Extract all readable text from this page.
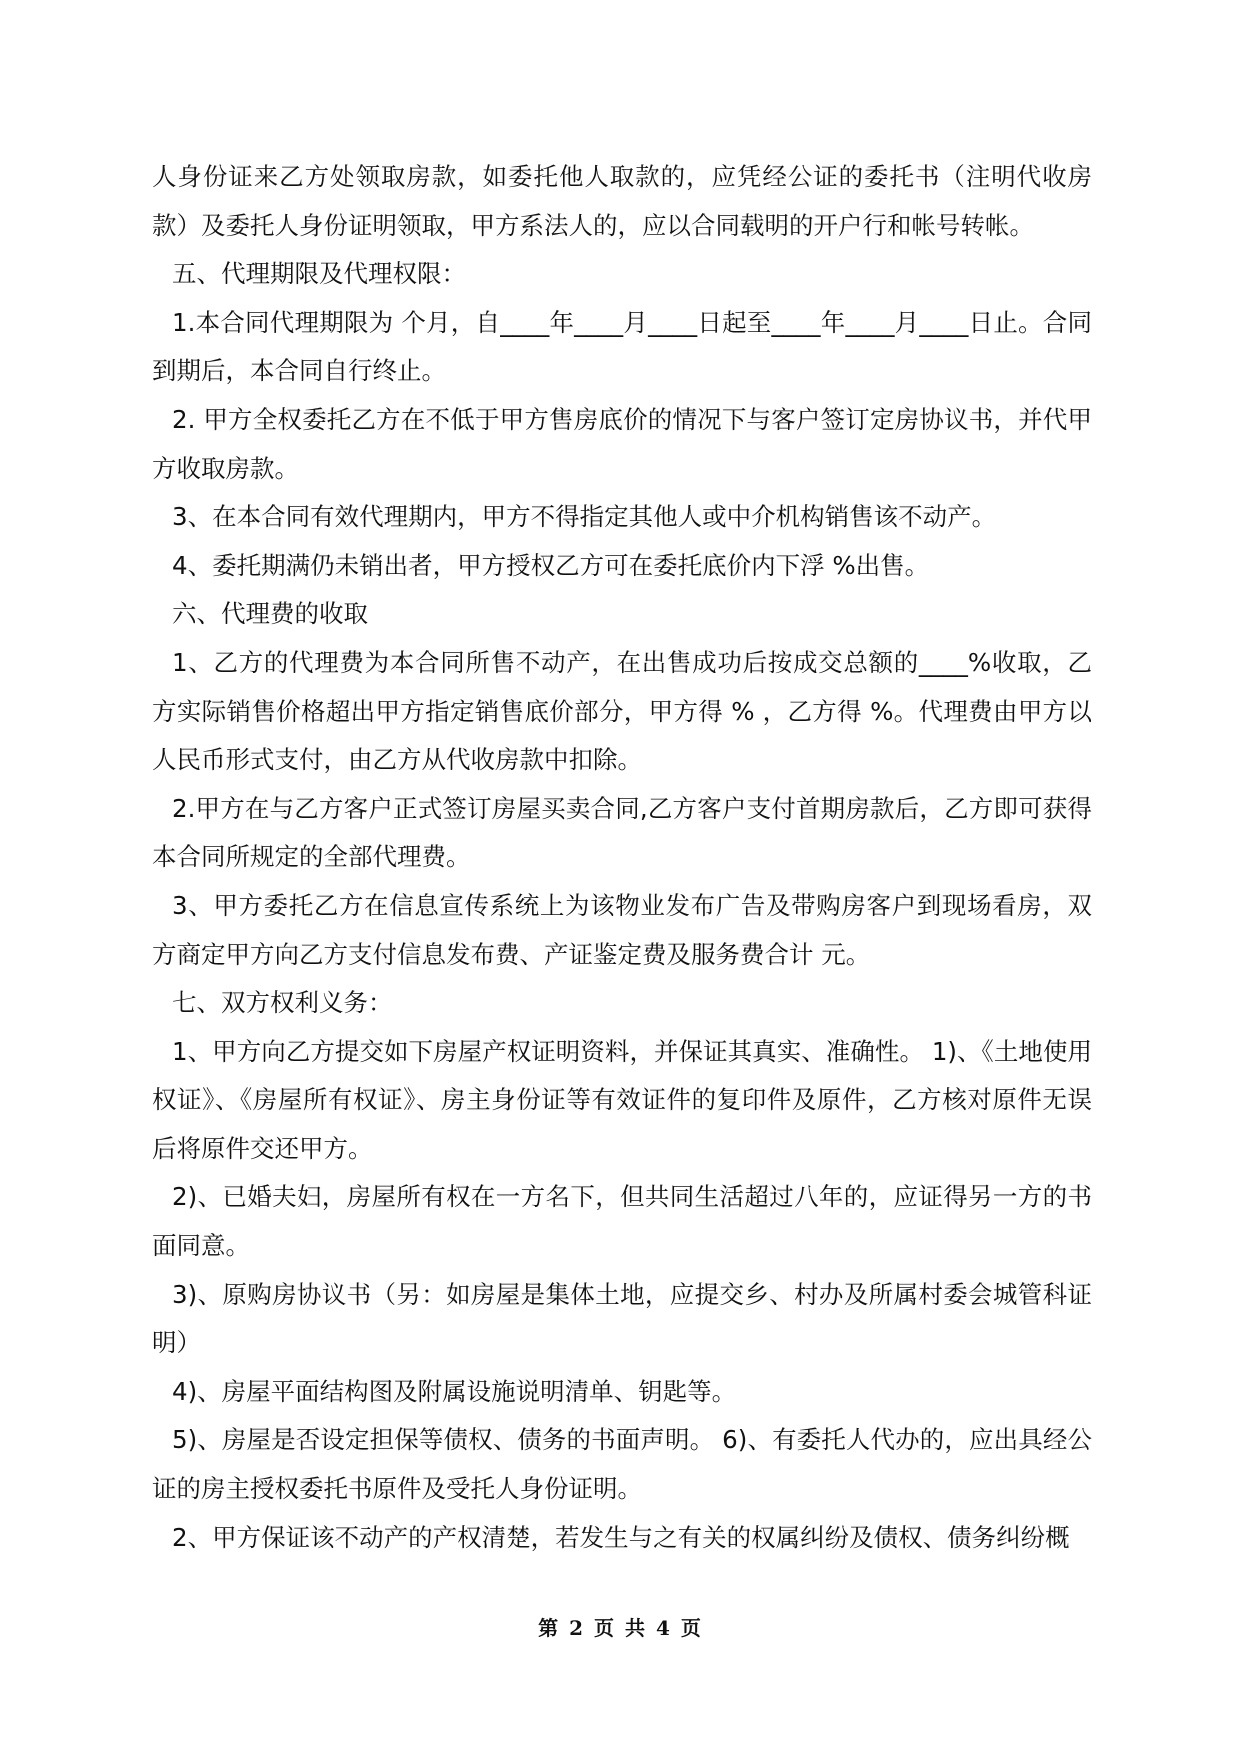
人身份证来乙方处领取房款，如委托他人取款的，应凭经公证的委托书（注明代收房款）及委托人身份证明领取，甲方系法人的，应以合同载明的开户行和帐号转帐。

五、代理期限及代理权限：

1.本合同代理期限为 个月，自____年____月____日起至____年____月____日止。合同到期后，本合同自行终止。

2. 甲方全权委托乙方在不低于甲方售房底价的情况下与客户签订定房协议书，并代甲方收取房款。

3、在本合同有效代理期内，甲方不得指定其他人或中介机构销售该不动产。

4、委托期满仍未销出者，甲方授权乙方可在委托底价内下浮 %出售。

六、代理费的收取

1、乙方的代理费为本合同所售不动产，在出售成功后按成交总额的____%收取，乙方实际销售价格超出甲方指定销售底价部分，甲方得 % ，乙方得 %。代理费由甲方以人民币形式支付，由乙方从代收房款中扣除。

2.甲方在与乙方客户正式签订房屋买卖合同,乙方客户支付首期房款后，乙方即可获得本合同所规定的全部代理费。

3、甲方委托乙方在信息宣传系统上为该物业发布广告及带购房客户到现场看房，双方商定甲方向乙方支付信息发布费、产证鉴定费及服务费合计 元。

七、双方权利义务：

1、甲方向乙方提交如下房屋产权证明资料，并保证其真实、准确性。 1)、《土地使用权证》、《房屋所有权证》、房主身份证等有效证件的复印件及原件，乙方核对原件无误后将原件交还甲方。

2)、已婚夫妇，房屋所有权在一方名下，但共同生活超过八年的，应证得另一方的书面同意。

3)、原购房协议书（另：如房屋是集体土地，应提交乡、村办及所属村委会城管科证明）

4)、房屋平面结构图及附属设施说明清单、钥匙等。

5)、房屋是否设定担保等债权、债务的书面声明。 6)、有委托人代办的，应出具经公证的房主授权委托书原件及受托人身份证明。

2、甲方保证该不动产的产权清楚，若发生与之有关的权属纠纷及债权、债务纠纷概

第 2 页 共 4 页
